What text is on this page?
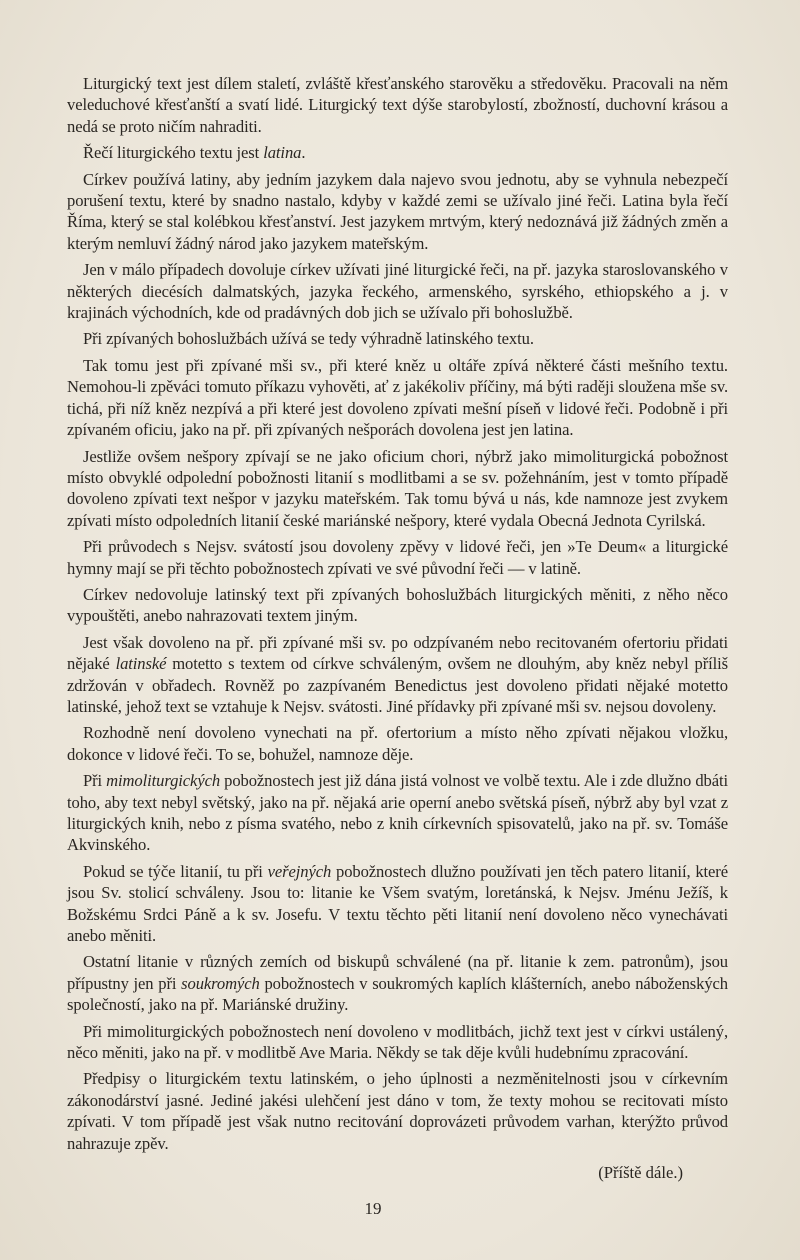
Liturgický text jest dílem staletí, zvláště křesťanského starověku a středověku. Pracovali na něm veleduchové křesťanští a svatí lidé. Liturgický text dýše starobylostí, zbožností, duchovní krásou a nedá se proto ničím nahraditi.

Řečí liturgického textu jest latina.

Církev používá latiny, aby jedním jazykem dala najevo svou jednotu, aby se vyhnula nebezpečí porušení textu, které by snadno nastalo, kdyby v každé zemi se užívalo jiné řeči. Latina byla řečí Říma, který se stal kolébkou křesťanství. Jest jazykem mrtvým, který nedoznává již žádných změn a kterým nemluví žádný národ jako jazykem mateřským.

Jen v málo případech dovoluje církev užívati jiné liturgické řeči, na př. jazyka staroslovanského v některých diecésích dalmatských, jazyka řeckého, armenského, syrského, ethiopského a j. v krajinách východních, kde od pradávných dob jich se užívalo při bohoslužbě.

Při zpívaných bohoslužbách užívá se tedy výhradně latinského textu.

Tak tomu jest při zpívané mši sv., při které kněz u oltáře zpívá některé části mešního textu. Nemohou-li zpěváci tomuto příkazu vyhověti, ať z jakékoliv příčiny, má býti raději sloužena mše sv. tichá, při níž kněz nezpívá a při které jest dovoleno zpívati mešní píseň v lidové řeči. Podobně i při zpívaném oficiu, jako na př. při zpívaných nešporách dovolena jest jen latina.

Jestliže ovšem nešpory zpívají se ne jako oficium chori, nýbrž jako mimoliturgická pobožnost místo obvyklé odpolední pobožnosti litanií s modlitbami a se sv. požehnáním, jest v tomto případě dovoleno zpívati text nešpor v jazyku mateřském. Tak tomu bývá u nás, kde namnoze jest zvykem zpívati místo odpoledních litanií české mariánské nešpory, které vydala Obecná Jednota Cyrilská.

Při průvodech s Nejsv. svátostí jsou dovoleny zpěvy v lidové řeči, jen »Te Deum« a liturgické hymny mají se při těchto pobožnostech zpívati ve své původní řeči — v latině.

Církev nedovoluje latinský text při zpívaných bohoslužbách liturgických měniti, z něho něco vypouštěti, anebo nahrazovati textem jiným.

Jest však dovoleno na př. při zpívané mši sv. po odzpívaném nebo recitovaném ofertoriu přidati nějaké latinské motetto s textem od církve schváleným, ovšem ne dlouhým, aby kněz nebyl příliš zdržován v obřadech. Rovněž po zazpívaném Benedictus jest dovoleno přidati nějaké motetto latinské, jehož text se vztahuje k Nejsv. svátosti. Jiné přídavky při zpívané mši sv. nejsou dovoleny.

Rozhodně není dovoleno vynechati na př. ofertorium a místo něho zpívati nějakou vložku, dokonce v lidové řeči. To se, bohužel, namnoze děje.

Při mimoliturgických pobožnostech jest již dána jistá volnost ve volbě textu. Ale i zde dlužno dbáti toho, aby text nebyl světský, jako na př. nějaká arie operní anebo světská píseň, nýbrž aby byl vzat z liturgických knih, nebo z písma svatého, nebo z knih církevních spisovatelů, jako na př. sv. Tomáše Akvinského.

Pokud se týče litanií, tu při veřejných pobožnostech dlužno používati jen těch patero litanií, které jsou Sv. stolicí schváleny. Jsou to: litanie ke Všem svatým, loretánská, k Nejsv. Jménu Ježíš, k Božskému Srdci Páně a k sv. Josefu. V textu těchto pěti litanií není dovoleno něco vynechávati anebo měniti.

Ostatní litanie v různých zemích od biskupů schválené (na př. litanie k zem. patronům), jsou přípustny jen při soukromých pobožnostech v soukromých kaplích klášterních, anebo náboženských společností, jako na př. Mariánské družiny.

Při mimoliturgických pobožnostech není dovoleno v modlitbách, jichž text jest v církvi ustálený, něco měniti, jako na př. v modlitbě Ave Maria. Někdy se tak děje kvůli hudebnímu zpracování.

Předpisy o liturgickém textu latinském, o jeho úplnosti a nezměnitelnosti jsou v církevním zákonodárství jasné. Jediné jakési ulehčení jest dáno v tom, že texty mohou se recitovati místo zpívati. V tom případě jest však nutno recitování doprovázeti průvodem varhan, kterýžto průvod nahrazuje zpěv.

(Příště dále.)
19
